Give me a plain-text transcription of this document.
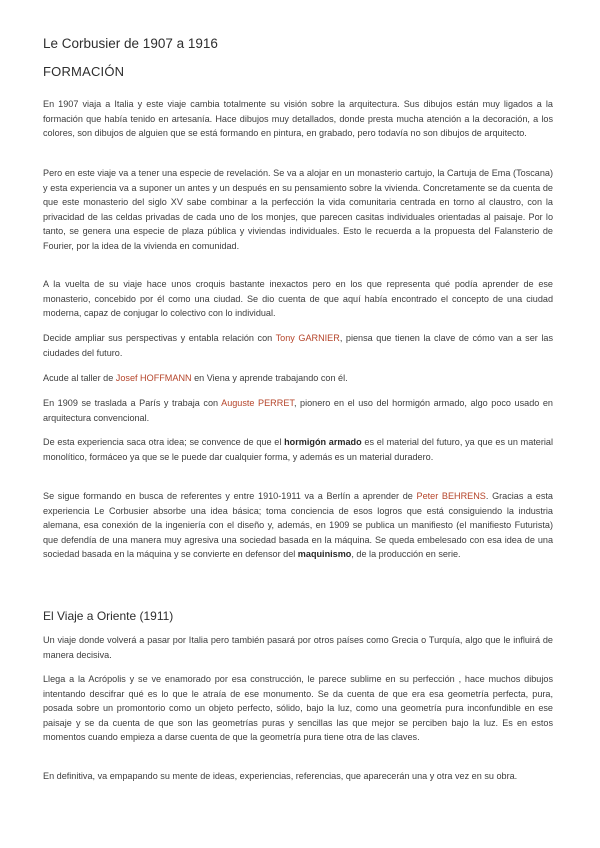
Le Corbusier de 1907 a 1916
FORMACIÓN

En 1907 viaja a Italia y este viaje cambia totalmente su visión sobre la arquitectura. Sus dibujos están muy ligados a la formación que había tenido en artesanía. Hace dibujos muy detallados, donde presta mucha atención a la decoración, a los colores, son dibujos de alguien que se está formando en pintura, en grabado, pero todavía no son dibujos de arquitecto.

Pero en este viaje va a tener una especie de revelación. Se va a alojar en un monasterio cartujo, la Cartuja de Ema (Toscana) y esta experiencia va a suponer un antes y un después en su pensamiento sobre la vivienda. Concretamente se da cuenta de que este monasterio del siglo XV sabe combinar a la perfección la vida comunitaria centrada en torno al claustro, con la privacidad de las celdas privadas de cada uno de los monjes, que parecen casitas individuales orientadas al paisaje. Por lo tanto, se genera una especie de plaza pública y viviendas individuales. Esto le recuerda a la propuesta del Falansterio de Fourier, por la idea de la vivienda en comunidad.

A la vuelta de su viaje hace unos croquis bastante inexactos pero en los que representa qué podía aprender de ese monasterio, concebido por él como una ciudad. Se dio cuenta de que aquí había encontrado el concepto de una ciudad moderna, capaz de conjugar lo colectivo con lo individual.

Decide ampliar sus perspectivas y entabla relación con Tony GARNIER, piensa que tienen la clave de cómo van a ser las ciudades del futuro.

Acude al taller de Josef HOFFMANN en Viena y aprende trabajando con él.

En 1909 se traslada a París y trabaja con Auguste PERRET, pionero en el uso del hormigón armado, algo poco usado en arquitectura convencional.

De esta experiencia saca otra idea; se convence de que el hormigón armado es el material del futuro, ya que es un material monolítico, formáceo ya que se le puede dar cualquier forma, y además es un material duradero.

Se sigue formando en busca de referentes y entre 1910-1911 va a Berlín a aprender de Peter BEHRENS. Gracias a esta experiencia Le Corbusier absorbe una idea básica; toma conciencia de esos logros que está consiguiendo la industria alemana, esa conexión de la ingeniería con el diseño y, además, en 1909 se publica un manifiesto (el manifiesto Futurista) que defendía de una manera muy agresiva una sociedad basada en la máquina. Se queda embelesado con esa idea de una sociedad basada en la máquina y se convierte en defensor del maquinismo, de la producción en serie.

El Viaje a Oriente (1911)

Un viaje donde volverá a pasar por Italia pero también pasará por otros países como Grecia o Turquía, algo que le influirá de manera decisiva.

Llega a la Acrópolis y se ve enamorado por esa construcción, le parece sublime en su perfección , hace muchos dibujos intentando descifrar qué es lo que le atraía de ese monumento. Se da cuenta de que era esa geometría perfecta, pura, posada sobre un promontorio como un objeto perfecto, sólido, bajo la luz, como una geometría pura inconfundible en ese paisaje y se da cuenta de que son las geometrías puras y sencillas las que mejor se perciben bajo la luz. Es en estos momentos cuando empieza a darse cuenta de que la geometría pura tiene otra de las claves.

En definitiva, va empapando su mente de ideas, experiencias, referencias, que aparecerán una y otra vez en su obra.
